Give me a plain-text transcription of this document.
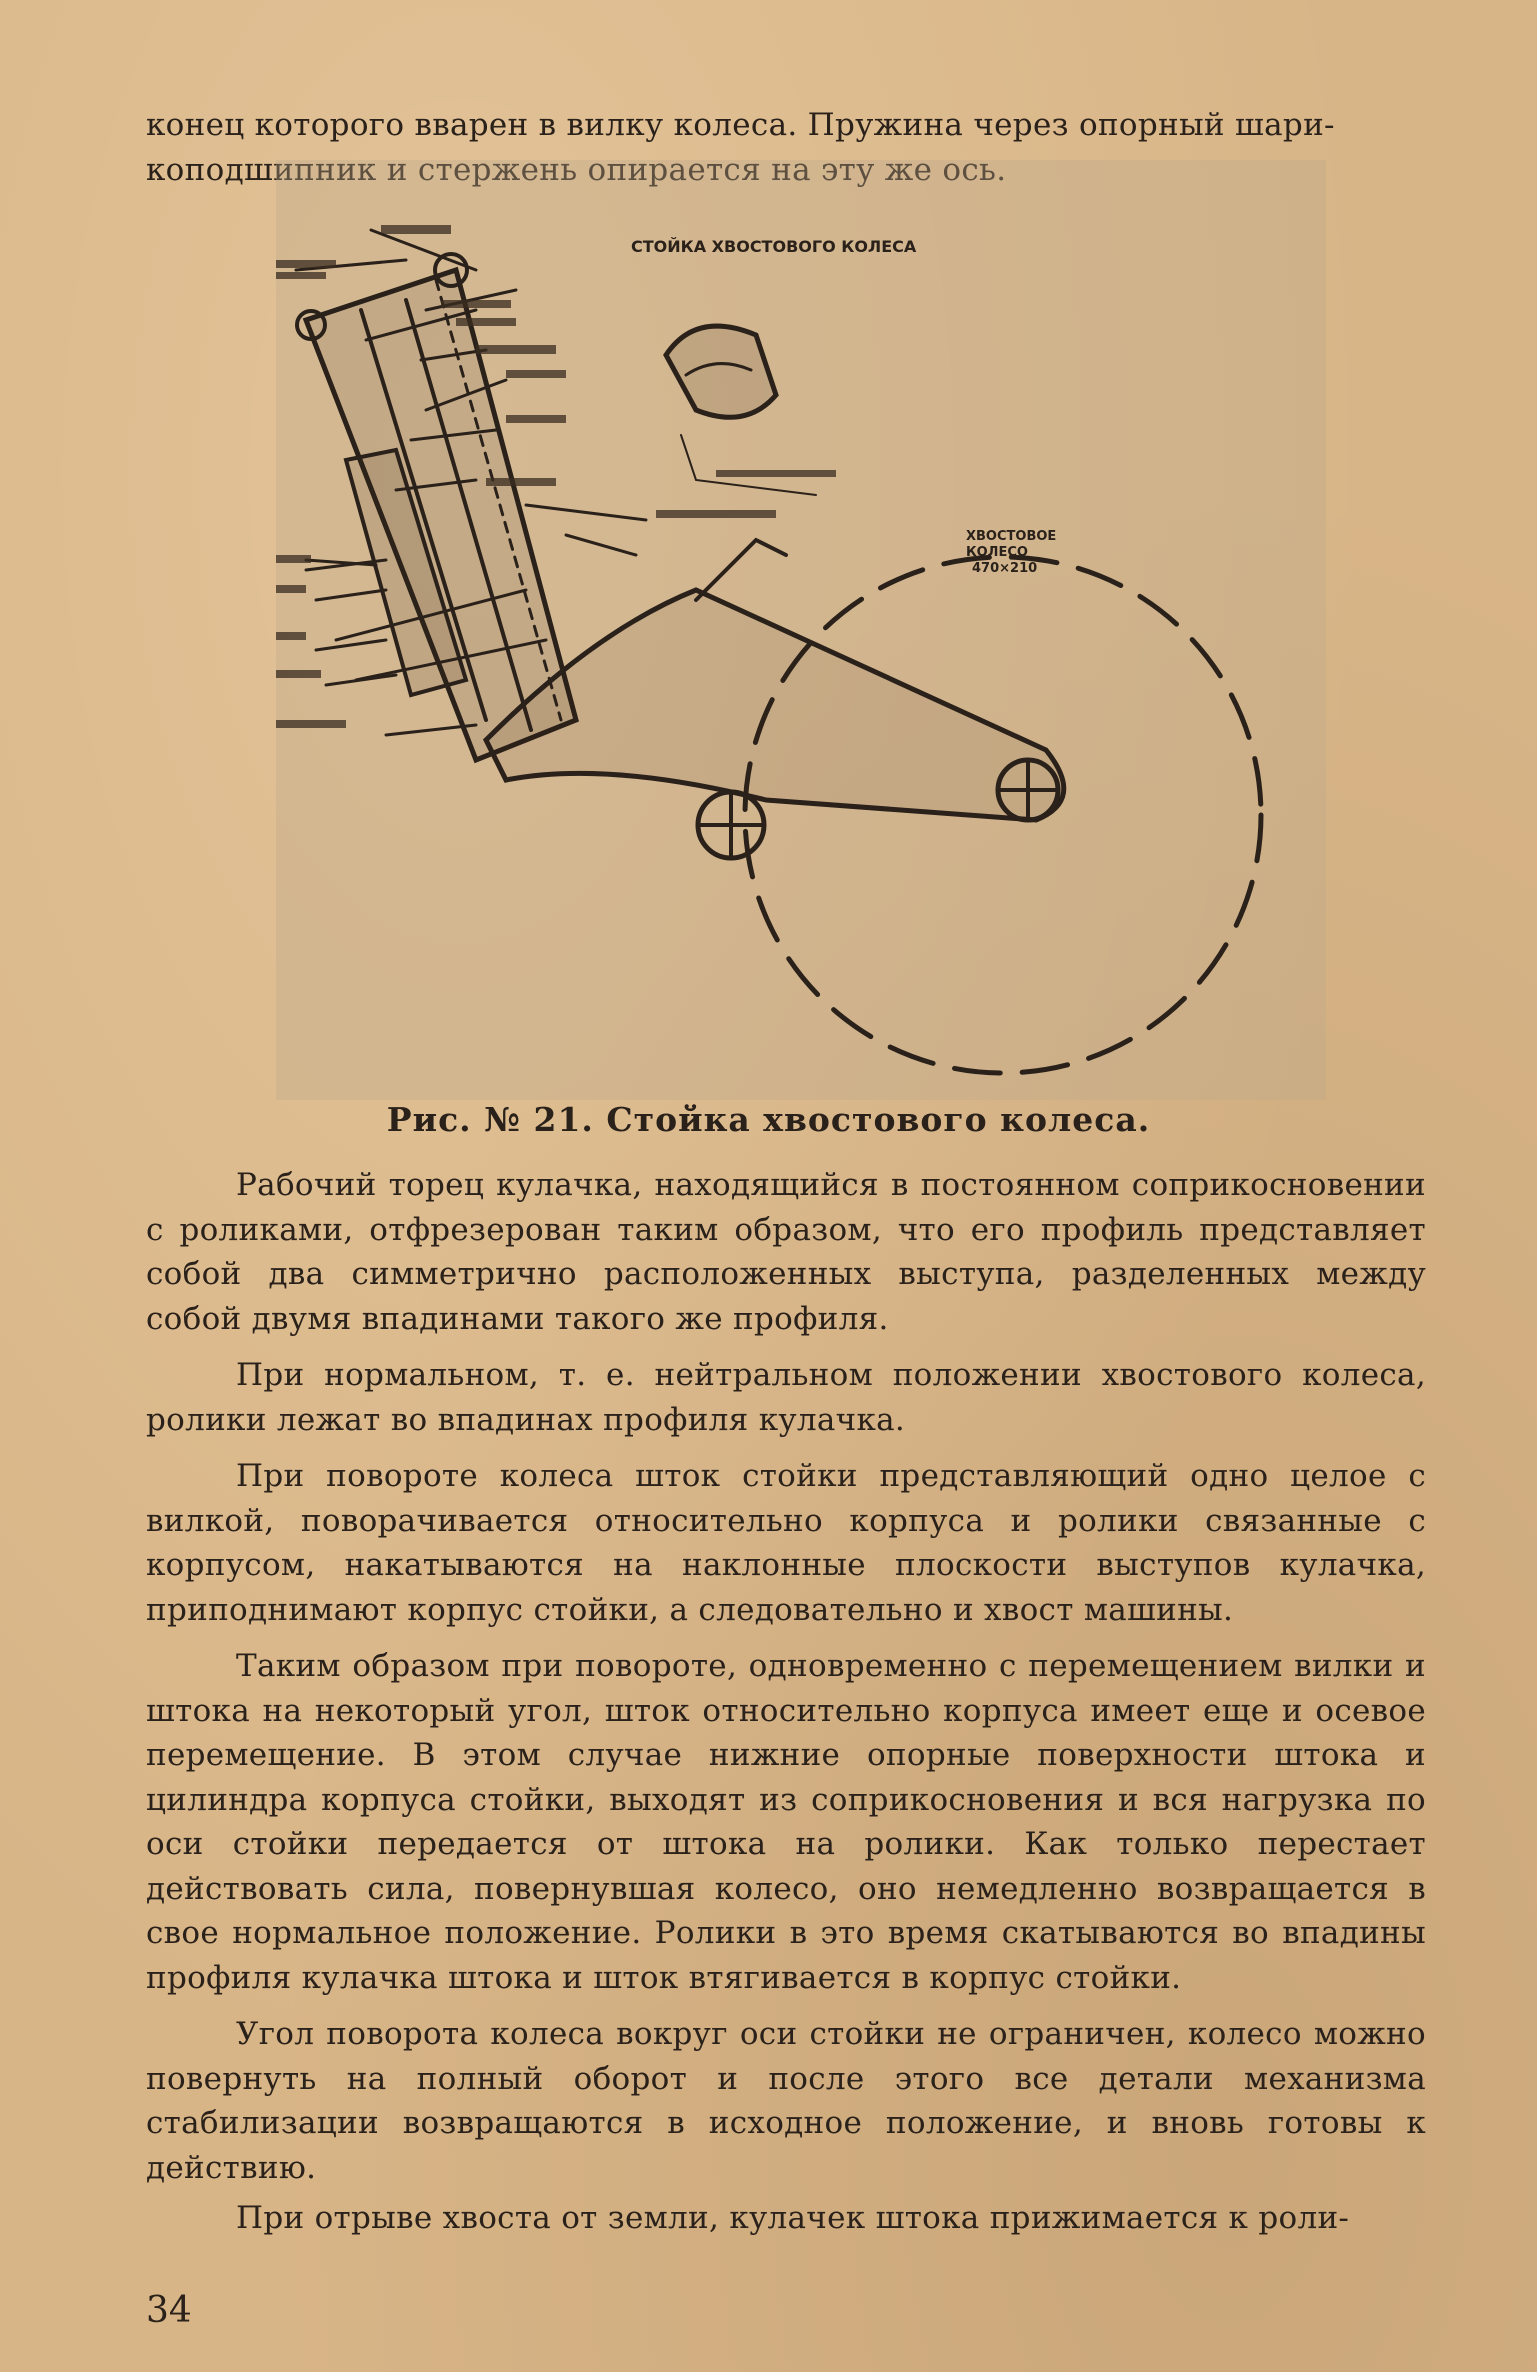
конец которого вварен в вилку колеса. Пружина через опорный шари-

коподшипник и стержень опирается на эту же ось.

СТОЙКА ХВОСТОВОГО КОЛЕСА
ХВОСТОВОЕ
КОЛЕСО
470×210
Рис. № 21. Стойка хвостового колеса.

Рабочий торец кулачка, находящийся в постоянном соприкосновении с роликами, отфрезерован таким образом, что его профиль представляет собой два симметрично расположенных выступа, разделенных между собой двумя впадинами такого же профиля.

При нормальном, т. е. нейтральном положении хвостового колеса, ролики лежат во впадинах профиля кулачка.

При повороте колеса шток стойки представляющий одно целое с вилкой, поворачивается относительно корпуса и ролики связанные с корпусом, накатываются на наклонные плоскости выступов кулачка, приподнимают корпус стойки, а следовательно и хвост машины.

Таким образом при повороте, одновременно с перемещением вилки и штока на некоторый угол, шток относительно корпуса имеет еще и осевое перемещение. В этом случае нижние опорные поверхности штока и цилиндра корпуса стойки, выходят из соприкосновения и вся нагрузка по оси стойки передается от штока на ролики. Как только перестает действовать сила, повернувшая колесо, оно немедленно возвращается в свое нормальное положение. Ролики в это время скатываются во впадины профиля кулачка штока и шток втягивается в корпус стойки.

Угол поворота колеса вокруг оси стойки не ограничен, колесо можно повернуть на полный оборот и после этого все детали механизма стабилизации возвращаются в исходное положение, и вновь готовы к действию.

При отрыве хвоста от земли, кулачек штока прижимается к роли-

34
